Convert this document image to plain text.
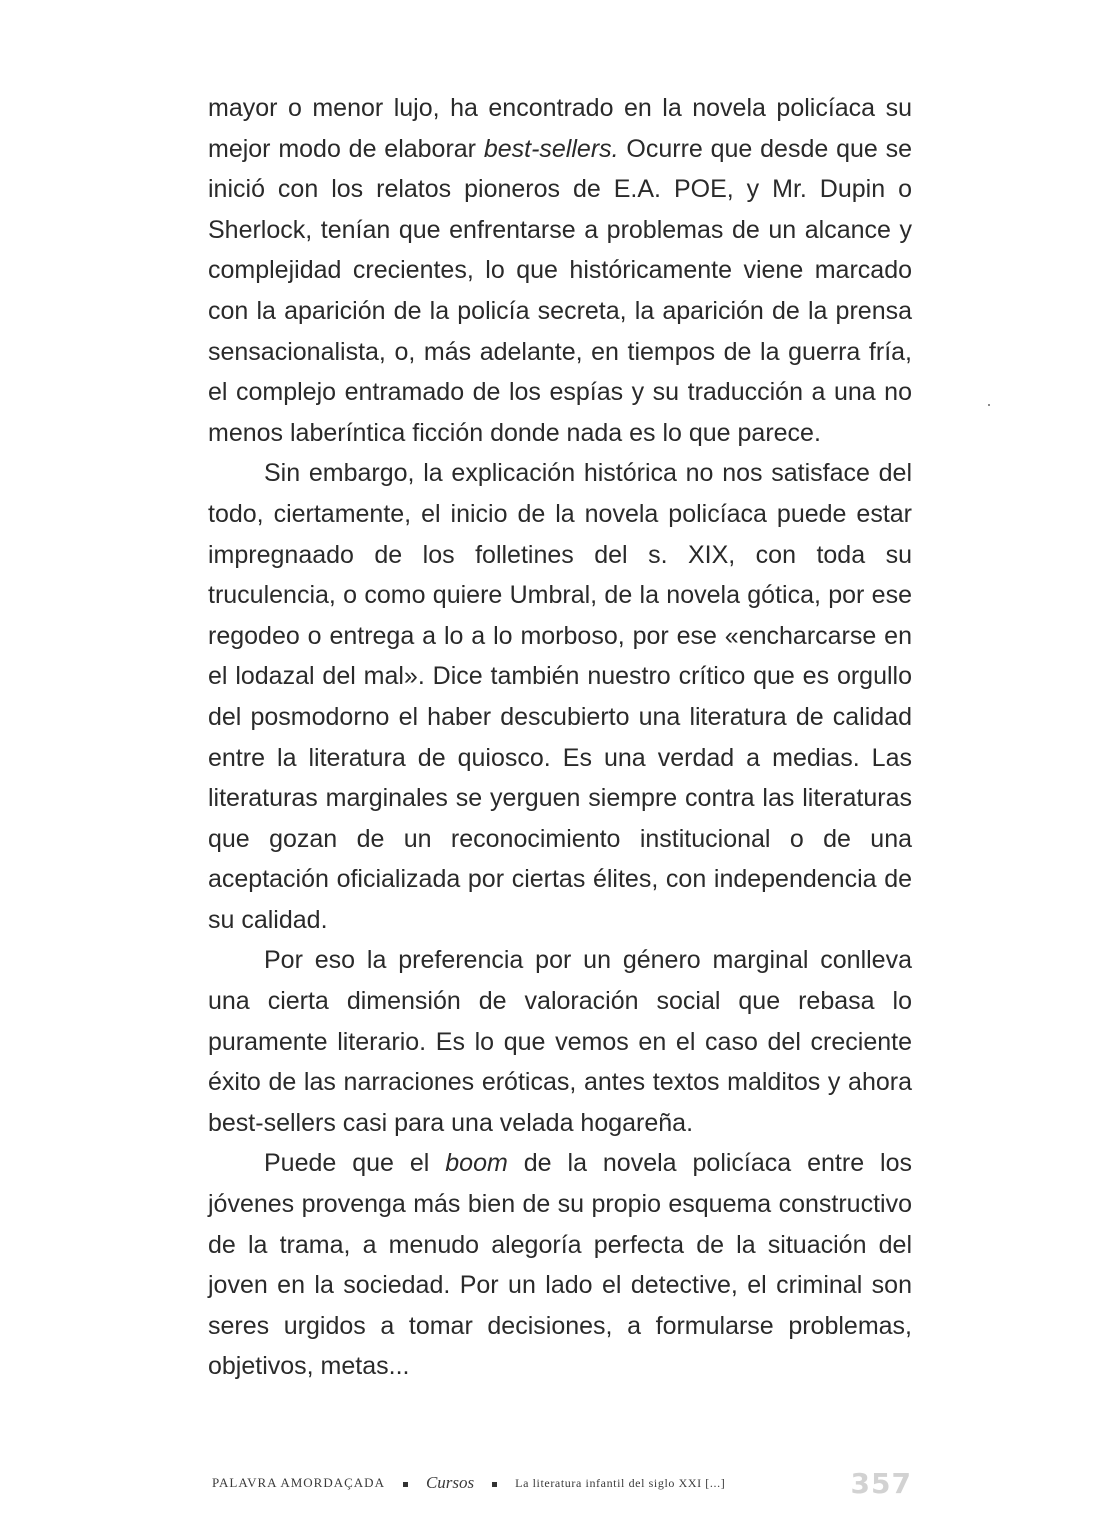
mayor o menor lujo, ha encontrado en la novela policíaca su mejor modo de elaborar best-sellers. Ocurre que desde que se inició con los relatos pioneros de E.A. POE, y Mr. Dupin o Sherlock, tenían que enfrentarse a problemas de un alcance y complejidad crecientes, lo que históricamente viene marcado con la aparición de la policía secreta, la aparición de la prensa sensacionalista, o, más adelante, en tiempos de la guerra fría, el complejo entramado de los espías y su traducción a una no menos laberíntica ficción donde nada es lo que parece.

Sin embargo, la explicación histórica no nos satisface del todo, ciertamente, el inicio de la novela policíaca puede estar impregnaado de los folletines del s. XIX, con toda su truculencia, o como quiere Umbral, de la novela gótica, por ese regodeo o entrega a lo a lo morboso, por ese «encharcarse en el lodazal del mal». Dice también nuestro crítico que es orgullo del posmodorno el haber descubierto una literatura de calidad entre la literatura de quiosco. Es una verdad a medias. Las literaturas marginales se yerguen siempre contra las literaturas que gozan de un reconocimiento institucional o de una aceptación oficializada por ciertas élites, con independencia de su calidad.

Por eso la preferencia por un género marginal conlleva una cierta dimensión de valoración social que rebasa lo puramente literario. Es lo que vemos en el caso del creciente éxito de las narraciones eróticas, antes textos malditos y ahora best-sellers casi para una velada hogareña.

Puede que el boom de la novela policíaca entre los jóvenes provenga más bien de su propio esquema constructivo de la trama, a menudo alegoría perfecta de la situación del joven en la sociedad. Por un lado el detective, el criminal son seres urgidos a tomar decisiones, a formularse problemas, objetivos, metas...

PALAVRA AMORDAÇADA Cursos	La literatura infantil del siglo XXI [...]	357
